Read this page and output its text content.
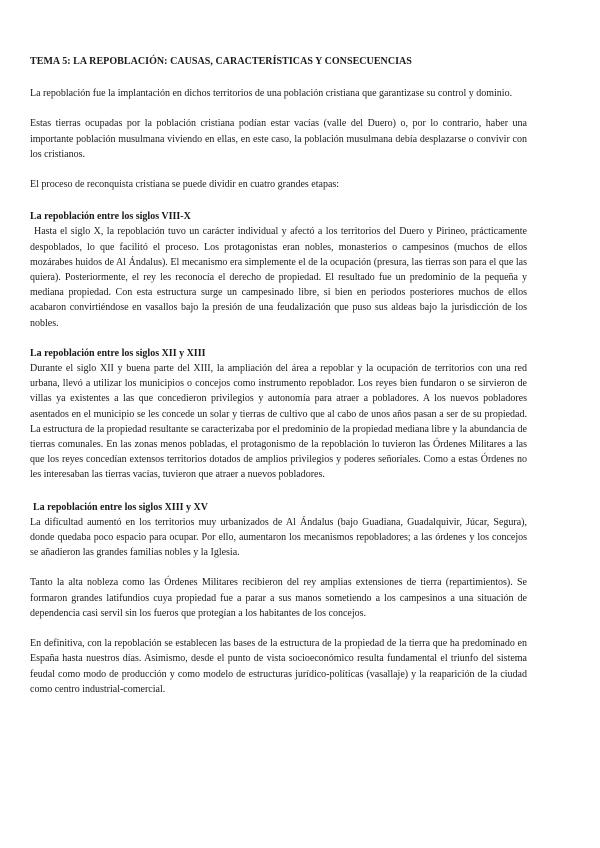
TEMA 5: LA REPOBLACIÓN: CAUSAS, CARACTERÍSTICAS Y CONSECUENCIAS

La repoblación fue la implantación en dichos territorios de una población cristiana que garantizase su control y dominio.

Estas tierras ocupadas por la población cristiana podían estar vacías (valle del Duero) o, por lo contrario, haber una importante población musulmana viviendo en ellas, en este caso, la población musulmana debía desplazarse o convivir con los cristianos.

El proceso de reconquista cristiana se puede dividir en cuatro grandes etapas:

La repoblación entre los siglos VIII-X

Hasta el siglo X, la repoblación tuvo un carácter individual y afectó a los territorios del Duero y Pirineo, prácticamente despoblados, lo que facilitó el proceso. Los protagonistas eran nobles, monasterios o campesinos (muchos de ellos mozárabes huidos de Al Ándalus). El mecanismo era simplemente el de la ocupación (presura, las tierras son para el que las quiera). Posteriormente, el rey les reconocía el derecho de propiedad. El resultado fue un predominio de la pequeña y mediana propiedad. Con esta estructura surge un campesinado libre, si bien en periodos posteriores muchos de ellos acabaron convirtiéndose en vasallos bajo la presión de una feudalización que puso sus aldeas bajo la jurisdicción de los nobles.

La repoblación entre los siglos XII y XIII

Durante el siglo XII y buena parte del XIII, la ampliación del área a repoblar y la ocupación de territorios con una red urbana, llevó a utilizar los municipios o concejos como instrumento repoblador. Los reyes bien fundaron o se sirvieron de villas ya existentes a las que concedieron privilegios y autonomía para atraer a pobladores. A los nuevos pobladores asentados en el municipio se les concede un solar y tierras de cultivo que al cabo de unos años pasan a ser de su propiedad. La estructura de la propiedad resultante se caracterizaba por el predominio de la propiedad mediana libre y la abundancia de tierras comunales. En las zonas menos pobladas, el protagonismo de la repoblación lo tuvieron las Órdenes Militares a las que los reyes concedían extensos territorios dotados de amplios privilegios y poderes señoriales. Como a estas Órdenes no les interesaban las tierras vacías, tuvieron que atraer a nuevos pobladores.

La repoblación entre los siglos XIII y XV

La dificultad aumentó en los territorios muy urbanizados de Al Ándalus (bajo Guadiana, Guadalquivir, Júcar, Segura), donde quedaba poco espacio para ocupar. Por ello, aumentaron los mecanismos repobladores; a las órdenes y los concejos se añadieron las grandes familias nobles y la Iglesia.

Tanto la alta nobleza como las Órdenes Militares recibieron del rey amplias extensiones de tierra (repartimientos). Se formaron grandes latifundios cuya propiedad fue a parar a sus manos sometiendo a los campesinos a una situación de dependencia casi servil sin los fueros que protegían a los habitantes de los concejos.

En definitiva, con la repoblación se establecen las bases de la estructura de la propiedad de la tierra que ha predominado en España hasta nuestros días. Asimismo, desde el punto de vista socioeconómico resulta fundamental el triunfo del sistema feudal como modo de producción y como modelo de estructuras jurídico-políticas (vasallaje) y la reaparición de la ciudad como centro industrial-comercial.
